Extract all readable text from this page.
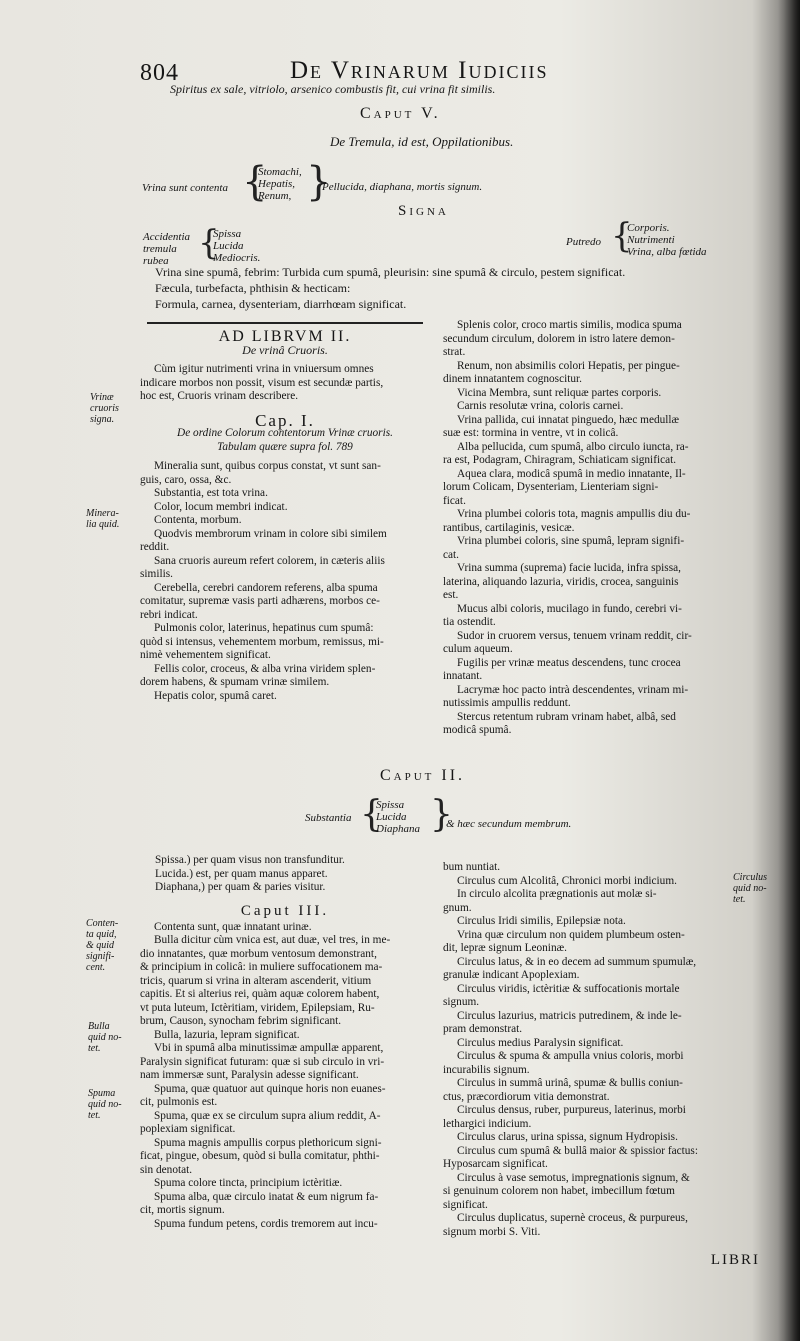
804	De Vrinarum Iudiciis
Spiritus ex sale, vitriolo, arsenico combustis fit, cui vrina fit similis.
Caput V.
De Tremula, id est, Oppilationibus.
Vrina sunt contenta {
Stomachi,
Hepatis,
Renum, }
Pellucida, diaphana, mortis signum.
Signa
Accidentia
tremula
rubea {
Spissa
Lucida
Mediocris.
Putredo {
Corporis.
Nutrimenti
Vrina, alba fœtida
Vrina sine spumâ, febrim: Turbida cum spumâ, pleurisin: sine spumâ & circulo, pestem significat.
Fæcula, turbefacta, phthisin & hecticam:
Formula, carnea, dysenteriam, diarrhœam significat.
AD LIBRVM II.

De vrinâ Cruoris.

Cùm igitur nutrimenti vrina in vniuersum omnes

indicare morbos non possit, visum est secundæ partis,

hoc est, Cruoris vrinam describere.

Cap. I.

De ordine Colorum contentorum Vrinæ cruoris.

Tabulam quære supra fol. 789

Mineralia sunt, quibus corpus constat, vt sunt san-

guis, caro, ossa, &c.

Substantia, est tota vrina.

Color, locum membri indicat.

Contenta, morbum.

Quodvis membrorum vrinam in colore sibi similem

reddit.

Sana cruoris aureum refert colorem, in cæteris aliis

similis.

Cerebella, cerebri candorem referens, alba spuma

comitatur, supremæ vasis parti adhærens, morbos ce-

rebri indicat.

Pulmonis color, laterinus, hepatinus cum spumâ:

quòd si intensus, vehementem morbum, remissus, mi-

nimè vehementem significat.

Fellis color, croceus, & alba vrina viridem splen-

dorem habens, & spumam vrinæ similem.

Hepatis color, spumâ caret.

Splenis color, croco martis similis, modica spuma

secundum circulum, dolorem in istro latere demon-

strat.

Renum, non absimilis colori Hepatis, per pingue-

dinem innatantem cognoscitur.

Vicina Membra, sunt reliquæ partes corporis.

Carnis resolutæ vrina, coloris carnei.

Vrina pallida, cui innatat pinguedo, hæc medullæ

suæ est: tormina in ventre, vt in colicâ.

Alba pellucida, cum spumâ, albo circulo iuncta, ra-

ra est, Podagram, Chiragram, Schiaticam significat.

Aquea clara, modicâ spumâ in medio innatante, Il-

lorum Colicam, Dysenteriam, Lienteriam signi-

ficat.

Vrina plumbei coloris tota, magnis ampullis diu du-

rantibus, cartilaginis, vesicæ.

Vrina plumbei coloris, sine spumâ, lepram signifi-

cat.

Vrina summa (suprema) facie lucida, infra spissa,

laterina, aliquando lazuria, viridis, crocea, sanguinis

est.

Mucus albi coloris, mucilago in fundo, cerebri vi-

tia ostendit.

Sudor in cruorem versus, tenuem vrinam reddit, cir-

culum aqueum.

Fugilis per vrinæ meatus descendens, tunc crocea

innatant.

Lacrymæ hoc pacto intrà descendentes, vrinam mi-

nutissimis ampullis reddunt.

Stercus retentum rubram vrinam habet, albâ, sed

modicâ spumâ.

Caput II.
Substantia {
Spissa
Lucida
Diaphana }
& hæc secundum membrum.

Spissa.) per quam visus non transfunditur.

Lucida.) est, per quam manus apparet.

Diaphana,) per quam & paries visitur.

Caput III.

Contenta sunt, quæ innatant urinæ.

Bulla dicitur cùm vnica est, aut duæ, vel tres, in me-

dio innatantes, quæ morbum ventosum demonstrant,

& principium in colicâ: in muliere suffocationem ma-

tricis, quarum si vrina in alteram ascenderit, vitium

capitis. Et si alterius rei, quàm aquæ colorem habent,

vt puta luteum, Ictèritiam, viridem, Epilepsiam, Ru-

brum, Causon, synocham febrim significant.

Bulla, lazuria, lepram significat.

Vbi in spumâ alba minutissimæ ampullæ apparent,

Paralysin significat futuram: quæ si sub circulo in vri-

nam immersæ sunt, Paralysin adesse significant.

Spuma, quæ quatuor aut quinque horis non euanes-

cit, pulmonis est.

Spuma, quæ ex se circulum supra alium reddit, A-

poplexiam significat.

Spuma magnis ampullis corpus plethoricum signi-

ficat, pingue, obesum, quòd si bulla comitatur, phthi-

sin denotat.

Spuma colore tincta, principium ictèritiæ.

Spuma alba, quæ circulo inatat & eum nigrum fa-

cit, mortis signum.

Spuma fundum petens, cordis tremorem aut incu-

bum nuntiat.

Circulus cum Alcolitâ, Chronici morbi indicium.

In circulo alcolita prægnationis aut molæ si-

gnum.

Circulus Iridi similis, Epilepsiæ nota.

Vrina quæ circulum non quidem plumbeum osten-

dit, lepræ signum Leoninæ.

Circulus latus, & in eo decem ad summum spumulæ,

granulæ indicant Apoplexiam.

Circulus viridis, ictèritiæ & suffocationis mortale

signum.

Circulus lazurius, matricis putredinem, & inde le-

pram demonstrat.

Circulus medius Paralysin significat.

Circulus & spuma & ampulla vnius coloris, morbi

incurabilis signum.

Circulus in summâ urinâ, spumæ & bullis coniun-

ctus, præcordiorum vitia demonstrat.

Circulus densus, ruber, purpureus, laterinus, morbi

lethargici indicium.

Circulus clarus, urina spissa, signum Hydropisis.

Circulus cum spumâ & bullâ maior & spissior factus:

Hyposarcam significat.

Circulus à vase semotus, impregnationis signum, &

si genuinum colorem non habet, imbecillum fœtum

significat.

Circulus duplicatus, supernè croceus, & purpureus,

signum morbi S. Viti.

Vrinæ
cruoris
signa.
Minera-
lia quid.
Conten-
ta quid,
& quid
signifi-
cent.
Bulla
quid no-
tet.
Spuma
quid no-
tet.
Circulus
quid no-
tet.
LIBRI
